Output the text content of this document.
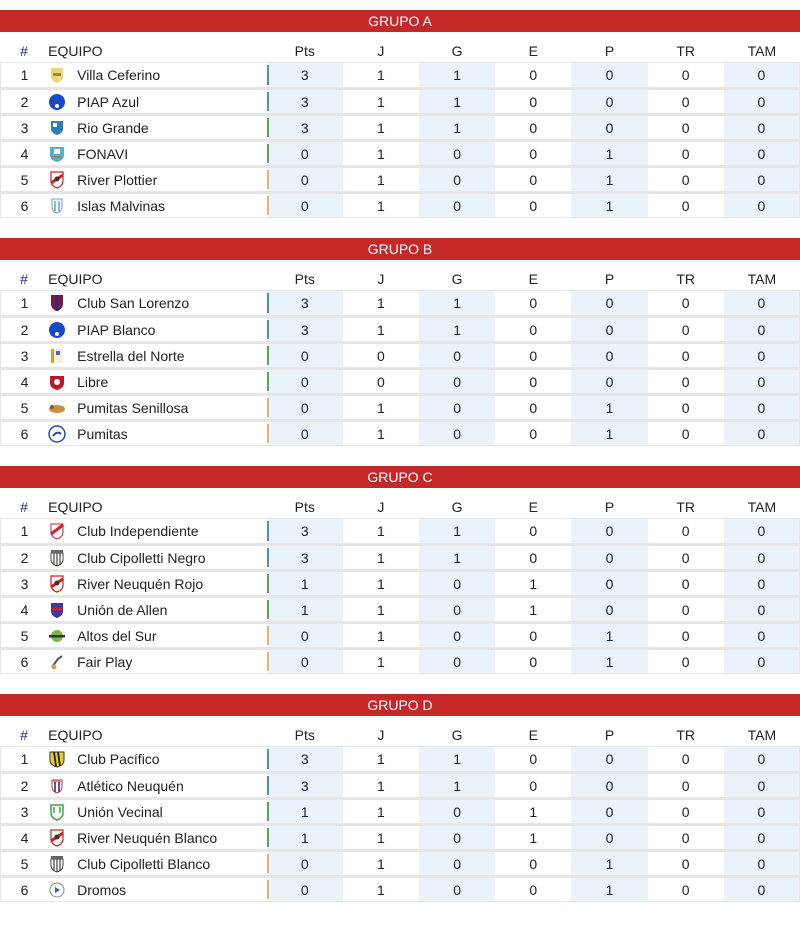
GRUPO A
#	EQUIPO	Pts	J	G	E	P	TR	TAM
1	Villa Ceferino	3	1	1	0	0	0	0
2	PIAP Azul	3	1	1	0	0	0	0
3	Rio Grande	3	1	1	0	0	0	0
4	FONAVI	0	1	0	0	1	0	0
5	River Plottier	0	1	0	0	1	0	0
6	Islas Malvinas	0	1	0	0	1	0	0
GRUPO B
#	EQUIPO	Pts	J	G	E	P	TR	TAM
1	Club San Lorenzo	3	1	1	0	0	0	0
2	PIAP Blanco	3	1	1	0	0	0	0
3	Estrella del Norte	0	0	0	0	0	0	0
4	Libre	0	0	0	0	0	0	0
5	Pumitas Senillosa	0	1	0	0	1	0	0
6	Pumitas	0	1	0	0	1	0	0
GRUPO C
#	EQUIPO	Pts	J	G	E	P	TR	TAM
1	Club Independiente	3	1	1	0	0	0	0
2	Club Cipolletti Negro	3	1	1	0	0	0	0
3	River Neuquén Rojo	1	1	0	1	0	0	0
4	Unión de Allen	1	1	0	1	0	0	0
5	Altos del Sur	0	1	0	0	1	0	0
6	Fair Play	0	1	0	0	1	0	0
GRUPO D
#	EQUIPO	Pts	J	G	E	P	TR	TAM
1	Club Pacífico	3	1	1	0	0	0	0
2	Atlético Neuquén	3	1	1	0	0	0	0
3	Unión Vecinal	1	1	0	1	0	0	0
4	River Neuquén Blanco	1	1	0	1	0	0	0
5	Club Cipolletti Blanco	0	1	0	0	1	0	0
6	Dromos	0	1	0	0	1	0	0
